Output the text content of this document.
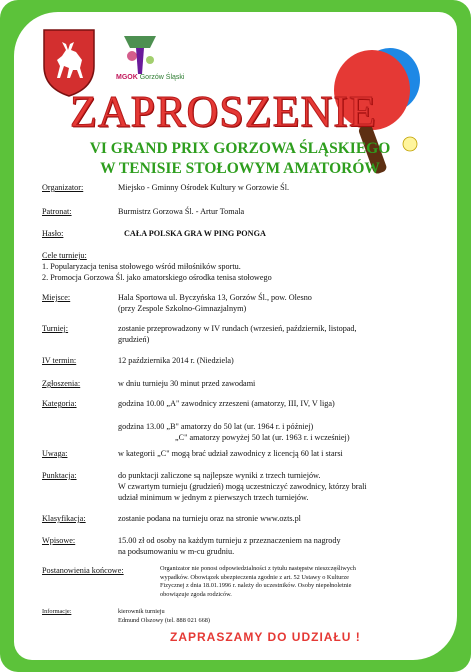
MGOK Gorzów Śląski
ZAPROSZENIE
VI GRAND PRIX GORZOWA ŚLĄSKIEGO
W TENISIE STOŁOWYM AMATORÓW
Organizator:	Miejsko - Gminny Ośrodek Kultury w Gorzowie Śl.
Patronat:	Burmistrz Gorzowa Śl. - Artur Tomala
Hasło:	CAŁA POLSKA GRA W PING PONGA
Cele turnieju:
1. Popularyzacja tenisa stołowego wśród miłośników sportu.
2. Promocja Gorzowa Śl. jako amatorskiego ośrodka tenisa stołowego
Miejsce:	Hala Sportowa ul. Byczyńska 13, Gorzów Śl., pow. Olesno
(przy Zespole Szkolno-Gimnazjalnym)
Turniej:	zostanie przeprowadzony w IV rundach (wrzesień, październik, listopad,
grudzień)
IV termin:	12 października 2014 r. (Niedziela)
Zgłoszenia:	w dniu turnieju 30 minut przed zawodami
Kategoria:	godzina 10.00 „A" zawodnicy zrzeszeni (amatorzy, III, IV, V liga)
godzina 13.00 „B" amatorzy do 50 lat (ur. 1964 r. i później)
„C" amatorzy powyżej 50 lat (ur. 1963 r. i wcześniej)
Uwaga:	w kategorii „C" mogą brać udział zawodnicy z licencją 60 lat i starsi
Punktacja:	do punktacji zaliczone są najlepsze wyniki z trzech turniejów.
W czwartym turnieju (grudzień) mogą uczestniczyć zawodnicy, którzy brali
udział minimum w jednym z pierwszych trzech turniejów.
Klasyfikacja:	zostanie podana na turnieju oraz na stronie www.ozts.pl
Wpisowe:	15.00 zł od osoby na każdym turnieju z przeznaczeniem na nagrody
na podsumowaniu w m-cu grudniu.
Postanowienia końcowe:	Organizator nie ponosi odpowiedzialności z tytułu następstw nieszczęśliwych
wypadków. Obowiązek ubezpieczenia zgodnie z art. 52 Ustawy o Kulturze
Fizycznej z dnia 18.01.1996 r. należy do uczestników. Osoby niepełnoletnie
obowiązuje zgoda rodziców.
Informacje:	kierownik turnieju
Edmund Olszowy (tel. 888 021 668)
ZAPRASZAMY DO UDZIAŁU !
